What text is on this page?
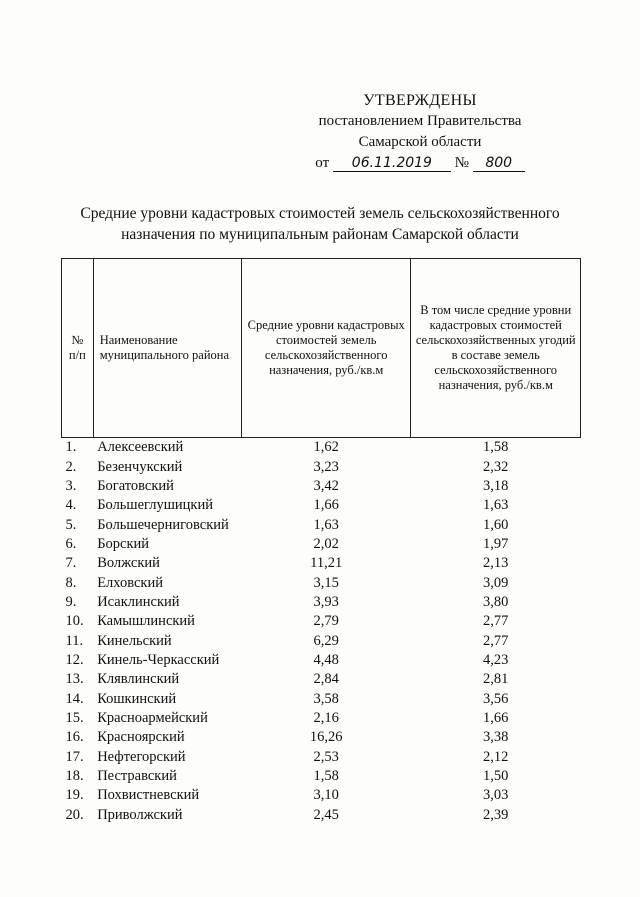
УТВЕРЖДЕНЫ
постановлением Правительства
Самарской области
от 06.11.2019 № 800
Средние уровни кадастровых стоимостей земель сельскохозяйственного
назначения по муниципальным районам Самарской области
№ п/п	Наименование муниципального района	Средние уровни кадастровых стоимостей земель сельскохозяйственного назначения, руб./кв.м	В том числе средние уровни кадастровых стоимостей сельскохозяйственных угодий в составе земель сельскохозяйственного назначения, руб./кв.м
1.	Алексеевский	1,62	1,58
2.	Безенчукский	3,23	2,32
3.	Богатовский	3,42	3,18
4.	Большеглушицкий	1,66	1,63
5.	Большечерниговский	1,63	1,60
6.	Борский	2,02	1,97
7.	Волжский	11,21	2,13
8.	Елховский	3,15	3,09
9.	Исаклинский	3,93	3,80
10.	Камышлинский	2,79	2,77
11.	Кинельский	6,29	2,77
12.	Кинель-Черкасский	4,48	4,23
13.	Клявлинский	2,84	2,81
14.	Кошкинский	3,58	3,56
15.	Красноармейский	2,16	1,66
16.	Красноярский	16,26	3,38
17.	Нефтегорский	2,53	2,12
18.	Пестравский	1,58	1,50
19.	Похвистневский	3,10	3,03
20.	Приволжский	2,45	2,39
